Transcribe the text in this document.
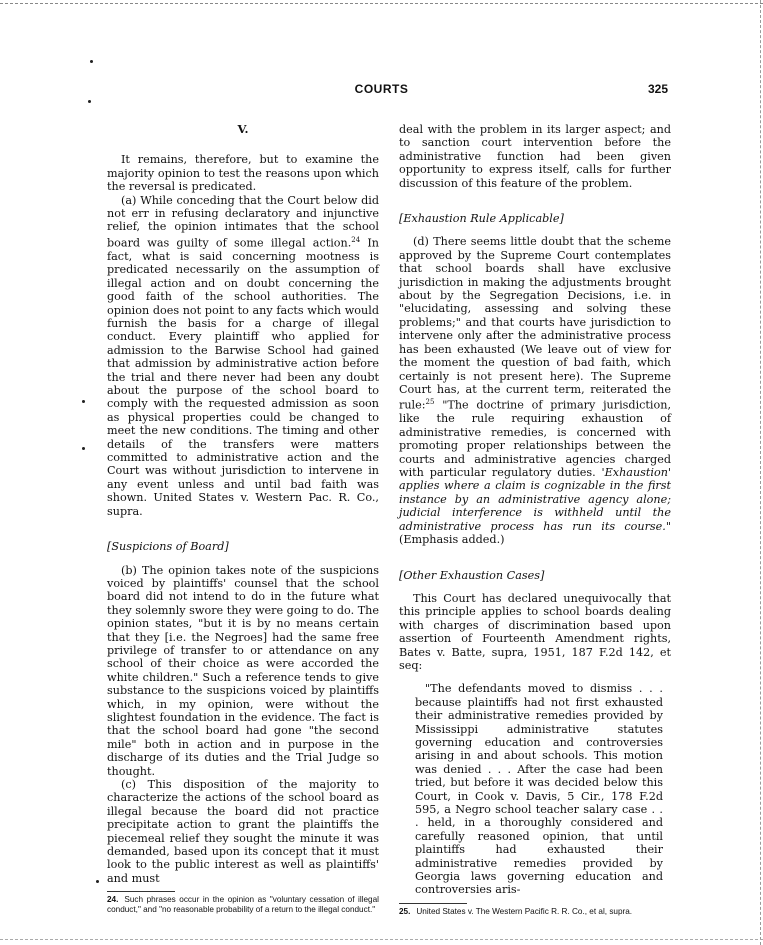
COURTS	325
V.

It remains, therefore, but to examine the majority opinion to test the reasons upon which the reversal is predicated.

(a) While conceding that the Court below did not err in refusing declaratory and injunctive relief, the opinion intimates that the school board was guilty of some illegal action.$^{24}$ In fact, what is said concerning mootness is predicated necessarily on the assumption of illegal action and on doubt concerning the good faith of the school authorities. The opinion does not point to any facts which would furnish the basis for a charge of illegal conduct. Every plaintiff who applied for admission to the Barwise School had gained that admission by administrative action before the trial and there never had been any doubt about the purpose of the school board to comply with the requested admission as soon as physical properties could be changed to meet the new conditions. The timing and other details of the transfers were matters committed to administrative action and the Court was without jurisdiction to intervene in any event unless and until bad faith was shown. United States v. Western Pac. R. Co., supra.

[Suspicions of Board]

(b) The opinion takes note of the suspicions voiced by plaintiffs' counsel that the school board did not intend to do in the future what they solemnly swore they were going to do. The opinion states, "but it is by no means certain that they [i.e. the Negroes] had the same free privilege of transfer to or attendance on any school of their choice as were accorded the white children." Such a reference tends to give substance to the suspicions voiced by plaintiffs which, in my opinion, were without the slightest foundation in the evidence. The fact is that the school board had gone "the second mile" both in action and in purpose in the discharge of its duties and the Trial Judge so thought.

(c) This disposition of the majority to characterize the actions of the school board as illegal because the board did not practice precipitate action to grant the plaintiffs the piecemeal relief they sought the minute it was demanded, based upon its concept that it must look to the public interest as well as plaintiffs' and must

24. Such phrases occur in the opinion as "voluntary cessation of illegal conduct," and "no reasonable probability of a return to the illegal conduct."

deal with the problem in its larger aspect; and to sanction court intervention before the administrative function had been given opportunity to express itself, calls for further discussion of this feature of the problem.

[Exhaustion Rule Applicable]

(d) There seems little doubt that the scheme approved by the Supreme Court contemplates that school boards shall have exclusive jurisdiction in making the adjustments brought about by the Segregation Decisions, i.e. in "elucidating, assessing and solving these problems;" and that courts have jurisdiction to intervene only after the administrative process has been exhausted (We leave out of view for the moment the question of bad faith, which certainly is not present here). The Supreme Court has, at the current term, reiterated the rule:$^{25}$ "The doctrine of primary jurisdiction, like the rule requiring exhaustion of administrative remedies, is concerned with promoting proper relationships between the courts and administrative agencies charged with particular regulatory duties. 'Exhaustion' applies where a claim is cognizable in the first instance by an administrative agency alone; judicial interference is withheld until the administrative process has run its course." (Emphasis added.)

[Other Exhaustion Cases]

This Court has declared unequivocally that this principle applies to school boards dealing with charges of discrimination based upon assertion of Fourteenth Amendment rights, Bates v. Batte, supra, 1951, 187 F.2d 142, et seq:

"The defendants moved to dismiss . . . because plaintiffs had not first exhausted their administrative remedies provided by Mississippi administrative statutes governing education and controversies arising in and about schools. This motion was denied . . . After the case had been tried, but before it was decided below this Court, in Cook v. Davis, 5 Cir., 178 F.2d 595, a Negro school teacher salary case . . . held, in a thoroughly considered and carefully reasoned opinion, that until plaintiffs had exhausted their administrative remedies provided by Georgia laws governing education and controversies aris-

25. United States v. The Western Pacific R. R. Co., et al, supra.
